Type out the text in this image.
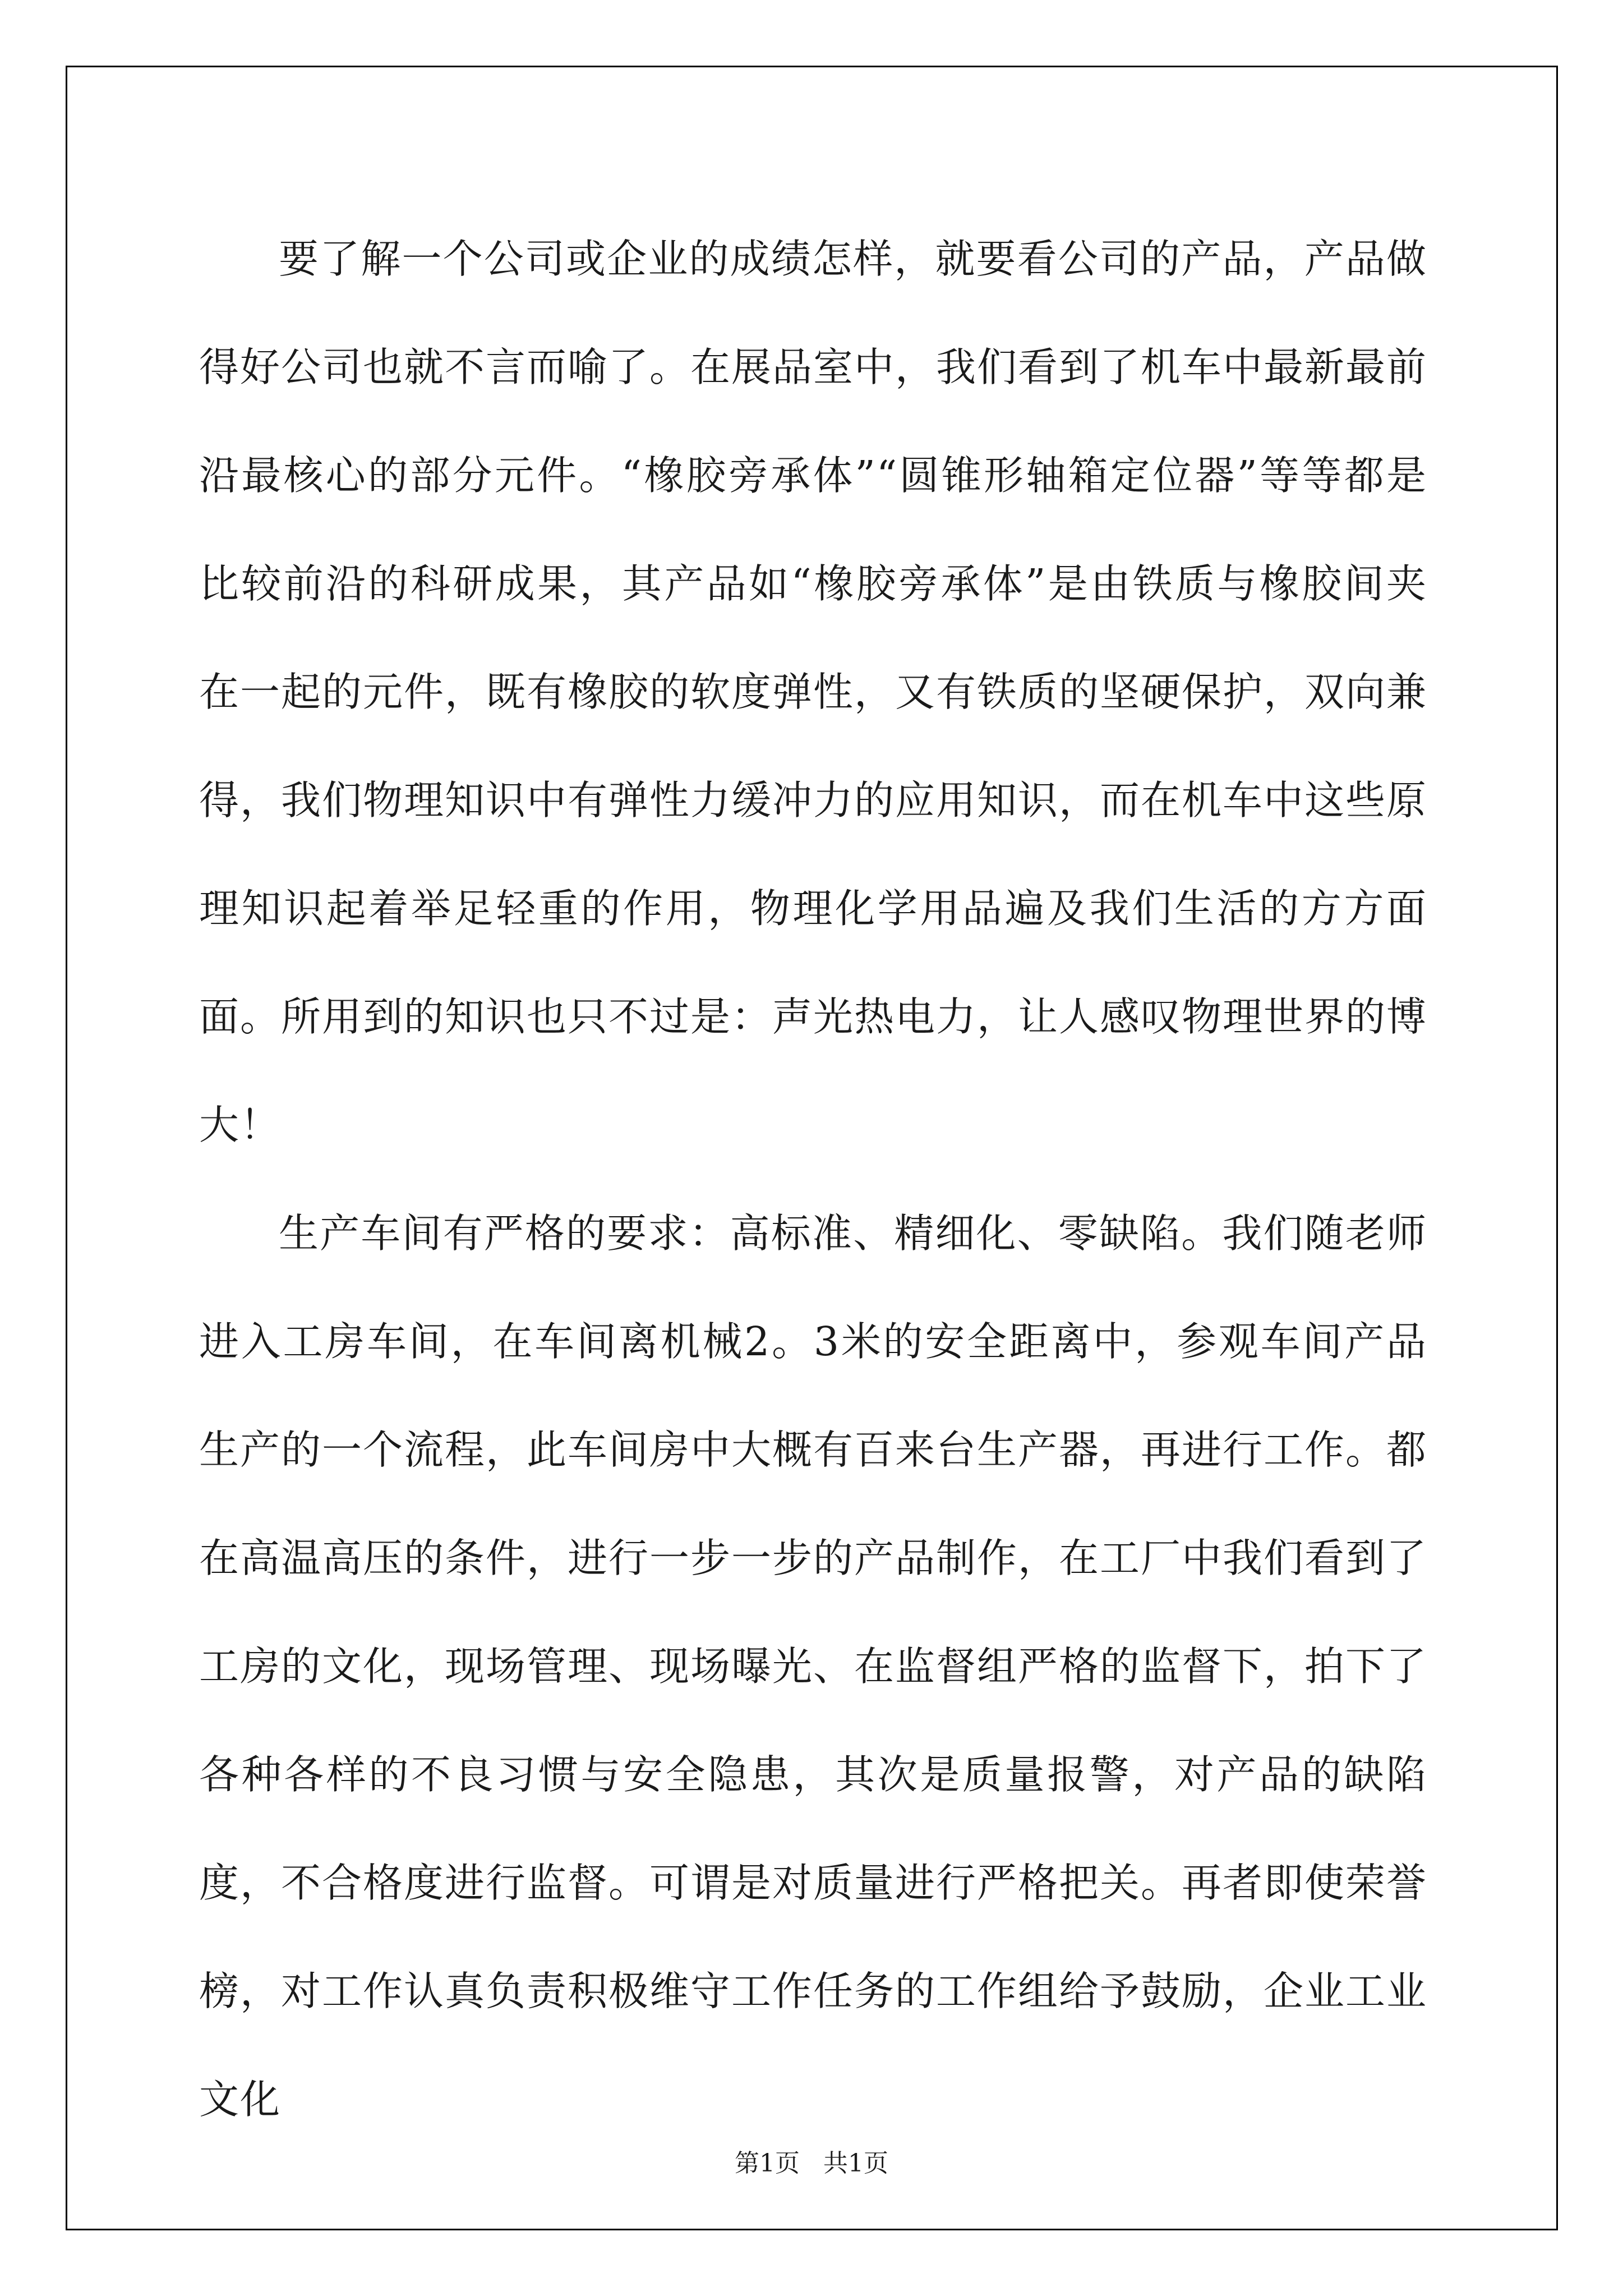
要了解一个公司或企业的成绩怎样，就要看公司的产品，产品做得好公司也就不言而喻了。在展品室中，我们看到了机车中最新最前沿最核心的部分元件。“橡胶旁承体”“圆锥形轴箱定位器”等等都是比较前沿的科研成果，其产品如“橡胶旁承体”是由铁质与橡胶间夹在一起的元件，既有橡胶的软度弹性，又有铁质的坚硬保护，双向兼得，我们物理知识中有弹性力缓冲力的应用知识，而在机车中这些原理知识起着举足轻重的作用，物理化学用品遍及我们生活的方方面面。所用到的知识也只不过是：声光热电力，让人感叹物理世界的博大！

生产车间有严格的要求：高标准、精细化、零缺陷。我们随老师进入工房车间，在车间离机械2。3米的安全距离中，参观车间产品生产的一个流程，此车间房中大概有百来台生产器，再进行工作。都在高温高压的条件，进行一步一步的产品制作，在工厂中我们看到了工房的文化，现场管理、现场曝光、在监督组严格的监督下，拍下了各种各样的不良习惯与安全隐患，其次是质量报警，对产品的缺陷度，不合格度进行监督。可谓是对质量进行严格把关。再者即使荣誉榜，对工作认真负责积极维守工作任务的工作组给予鼓励，企业工业文化

第1页 共1页
